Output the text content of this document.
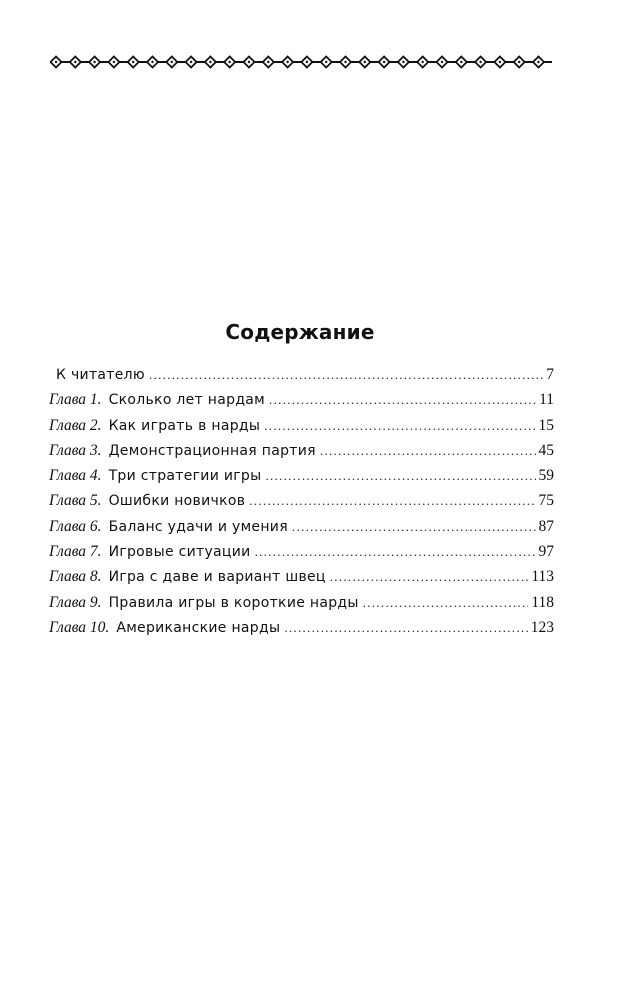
Содержание
К читателю .....	7
Глава 1. Сколько лет нардам .....	11
Глава 2. Как играть в нарды .....	15
Глава 3. Демонстрационная партия .....	45
Глава 4. Три стратегии игры .....	59
Глава 5. Ошибки новичков .....	75
Глава 6. Баланс удачи и умения .....	87
Глава 7. Игровые ситуации .....	97
Глава 8. Игра с даве и вариант швец .....	113
Глава 9. Правила игры в короткие нарды .....	118
Глава 10. Американские нарды .....	123
